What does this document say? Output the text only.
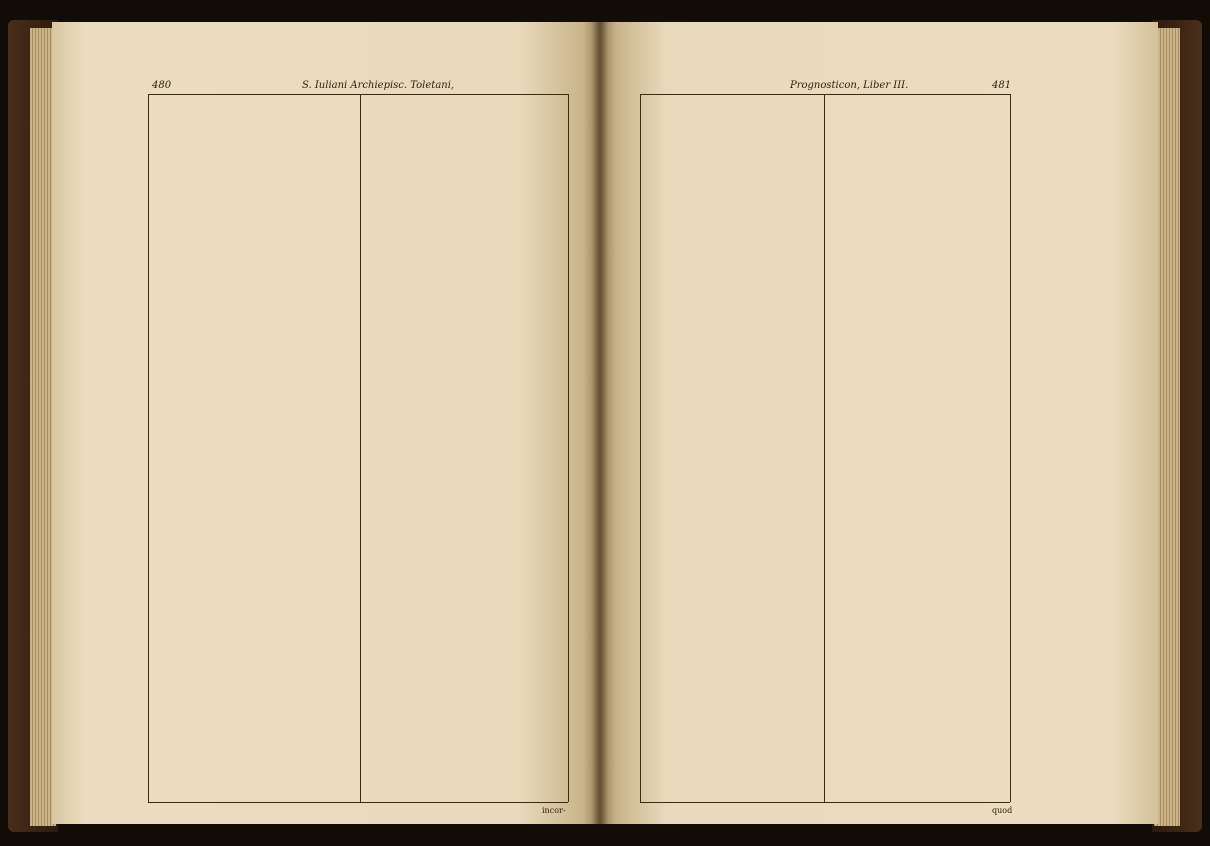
480	S. Iuliani Archiepisc. Toletani,
incor-
Prognosticon, Liber III.	481
quod
